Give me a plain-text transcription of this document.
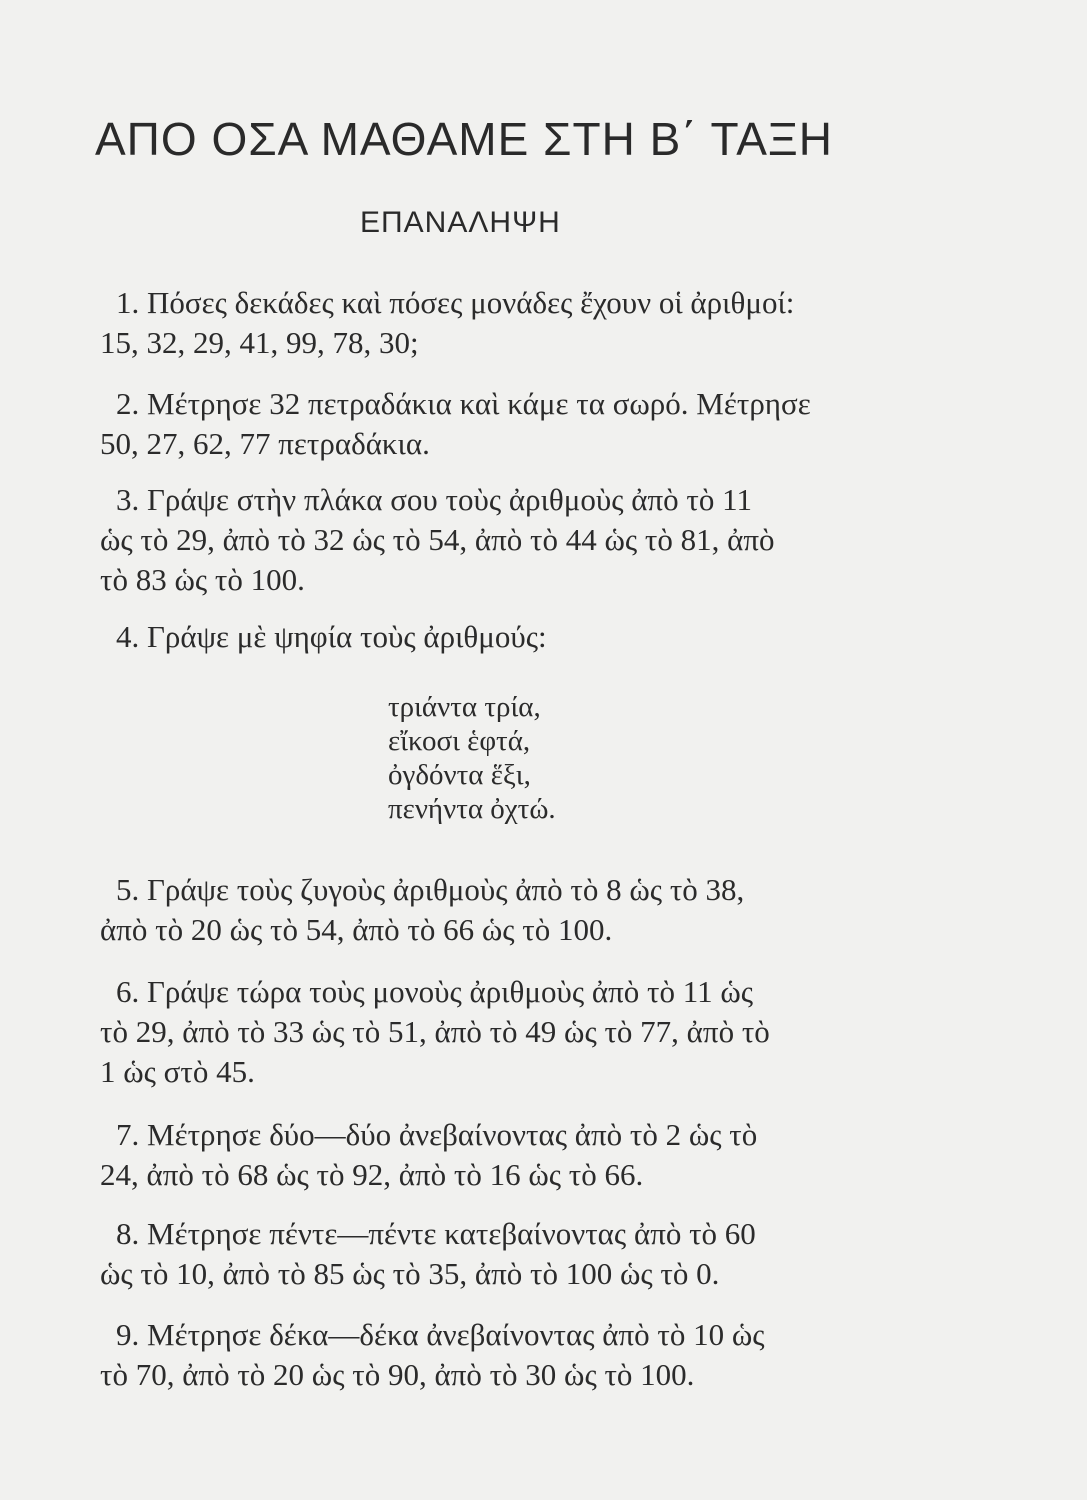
ΑΠΟ ΟΣΑ ΜΑΘΑΜΕ ΣΤΗ Β΄ ΤΑΞΗ
ΕΠΑΝΑΛΗΨΗ
1. Πόσες δεκάδες καὶ πόσες μονάδες ἔχουν οἱ ἀριθμοί:
15, 32, 29, 41, 99, 78, 30;
2. Μέτρησε 32 πετραδάκια καὶ κάμε τα σωρό. Μέτρησε
50, 27, 62, 77 πετραδάκια.
3. Γράψε στὴν πλάκα σου τοὺς ἀριθμοὺς ἀπὸ τὸ 11
ὡς τὸ 29, ἀπὸ τὸ 32 ὡς τὸ 54, ἀπὸ τὸ 44 ὡς τὸ 81, ἀπὸ
τὸ 83 ὡς τὸ 100.
4. Γράψε μὲ ψηφία τοὺς ἀριθμούς:
τριάντα τρία,
εἴκοσι ἑφτά,
ὀγδόντα ἕξι,
πενήντα ὀχτώ.
5. Γράψε τοὺς ζυγοὺς ἀριθμοὺς ἀπὸ τὸ 8 ὡς τὸ 38,
ἀπὸ τὸ 20 ὡς τὸ 54, ἀπὸ τὸ 66 ὡς τὸ 100.
6. Γράψε τώρα τοὺς μονοὺς ἀριθμοὺς ἀπὸ τὸ 11 ὡς
τὸ 29, ἀπὸ τὸ 33 ὡς τὸ 51, ἀπὸ τὸ 49 ὡς τὸ 77, ἀπὸ τὸ
1 ὡς στὸ 45.
7. Μέτρησε δύο—δύο ἀνεβαίνοντας ἀπὸ τὸ 2 ὡς τὸ
24, ἀπὸ τὸ 68 ὡς τὸ 92, ἀπὸ τὸ 16 ὡς τὸ 66.
8. Μέτρησε πέντε—πέντε κατεβαίνοντας ἀπὸ τὸ 60
ὡς τὸ 10, ἀπὸ τὸ 85 ὡς τὸ 35, ἀπὸ τὸ 100 ὡς τὸ 0.
9. Μέτρησε δέκα—δέκα ἀνεβαίνοντας ἀπὸ τὸ 10 ὡς
τὸ 70, ἀπὸ τὸ 20 ὡς τὸ 90, ἀπὸ τὸ 30 ὡς τὸ 100.
